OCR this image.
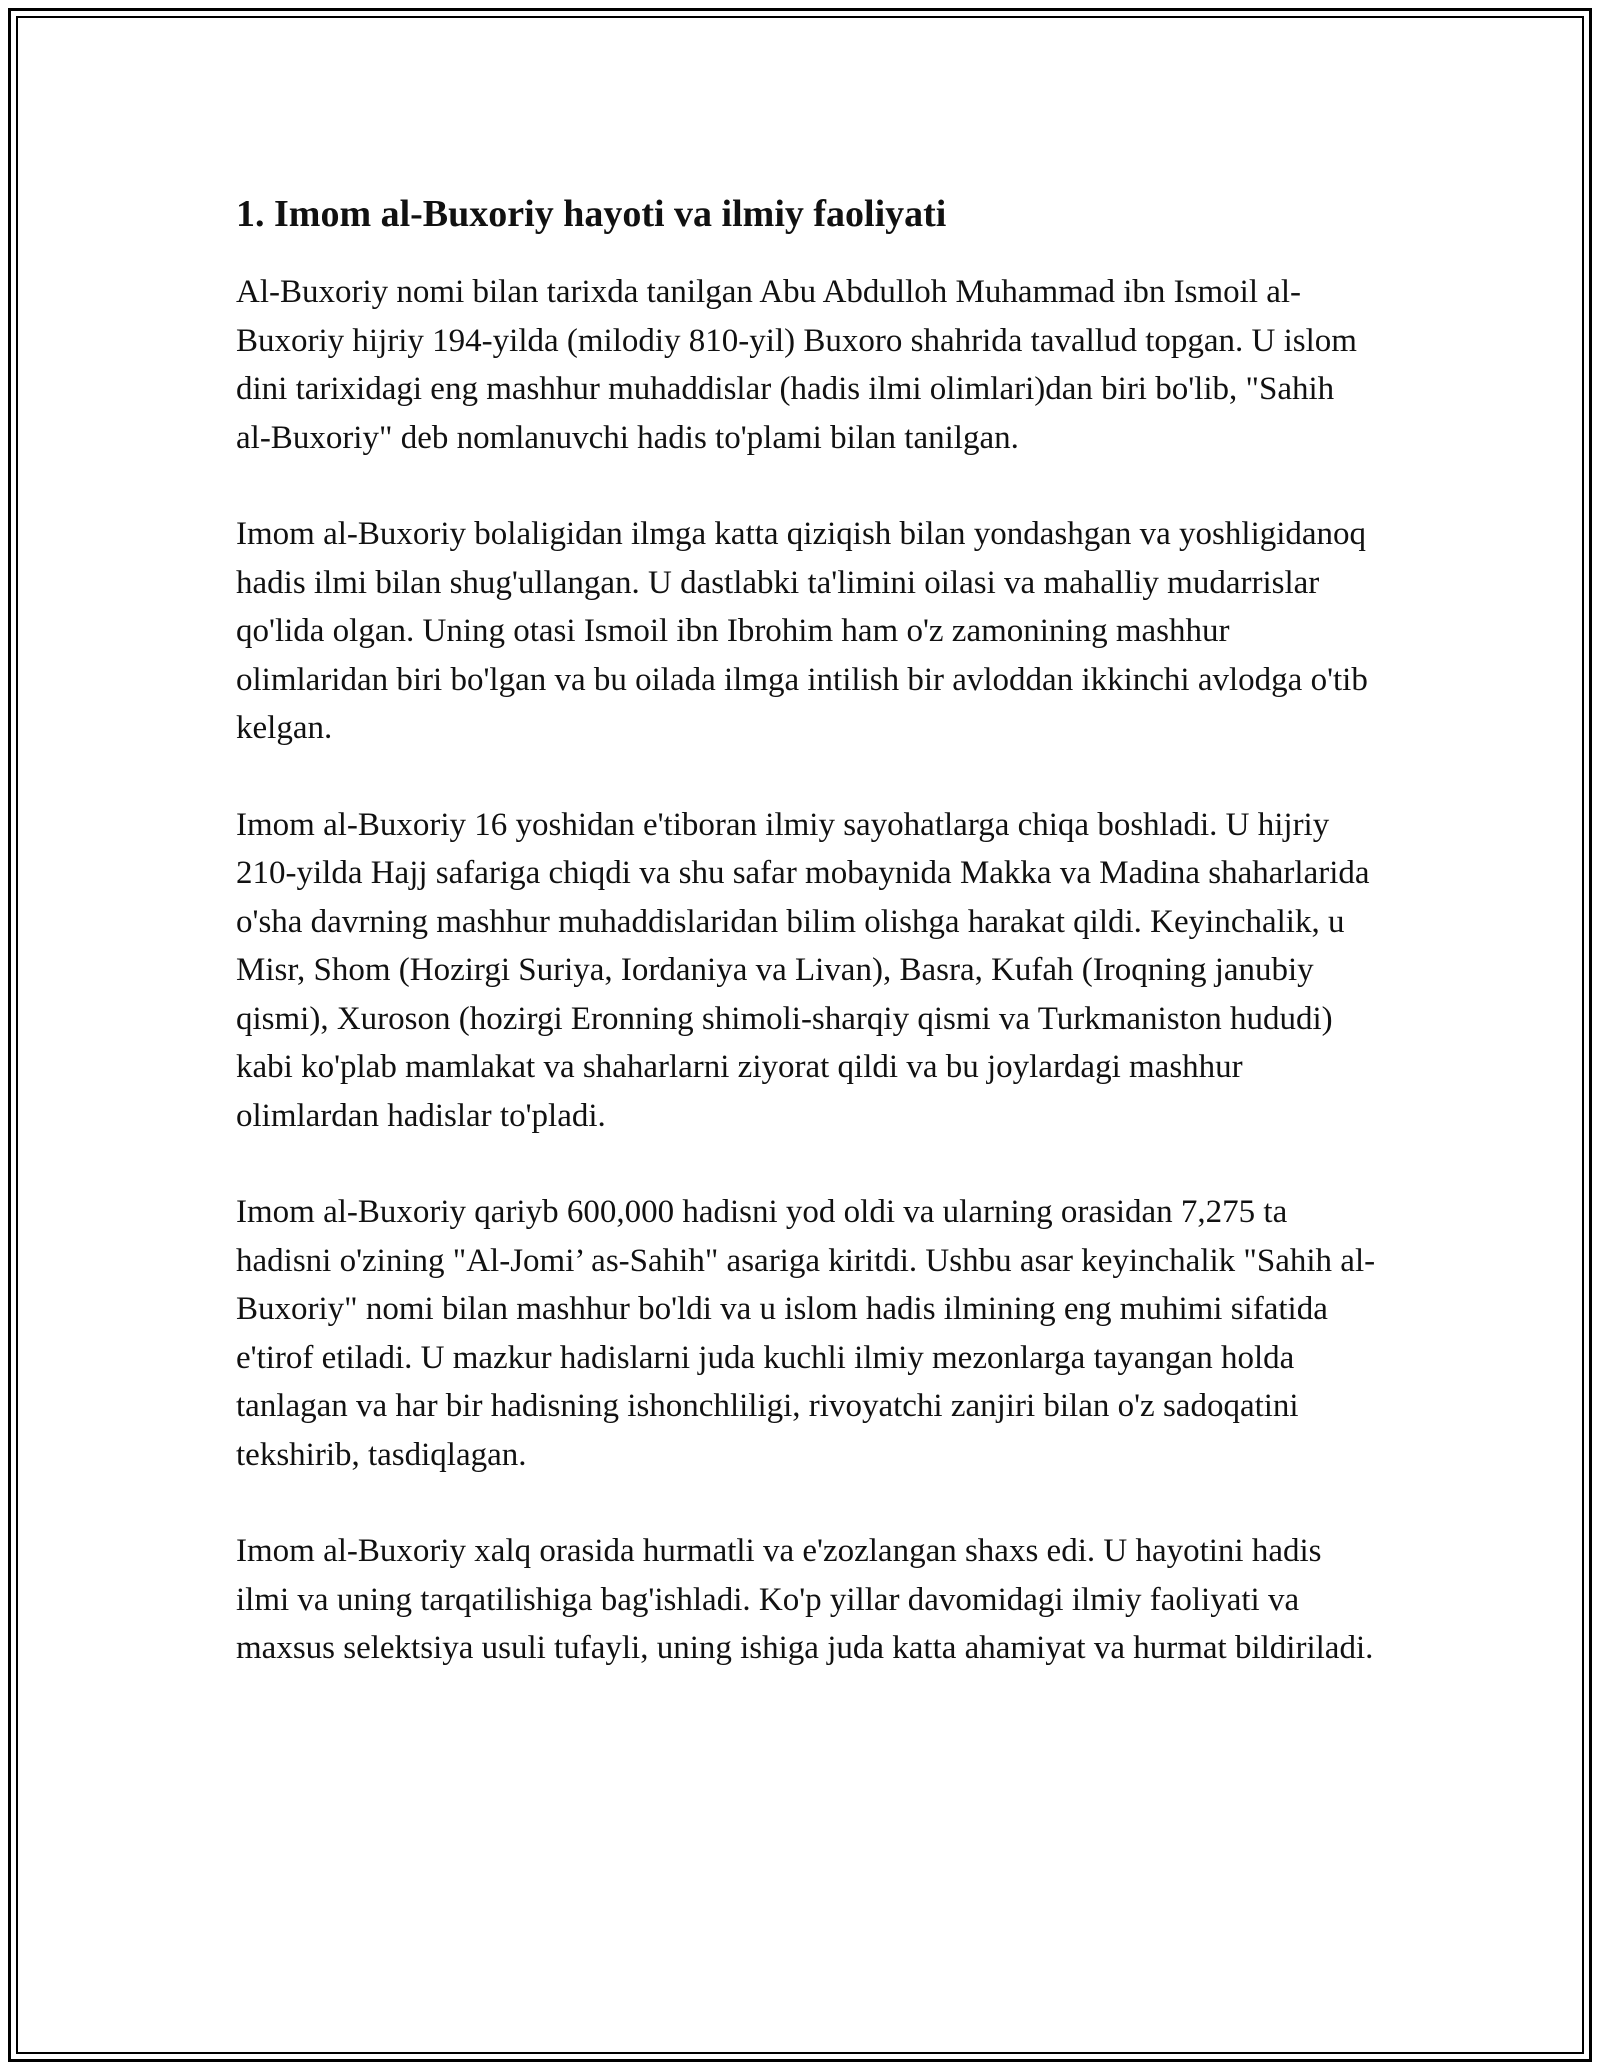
1. Imom al-Buxoriy hayoti va ilmiy faoliyati

Al-Buxoriy nomi bilan tarixda tanilgan Abu Abdulloh Muhammad ibn Ismoil al-Buxoriy hijriy 194-yilda (milodiy 810-yil) Buxoro shahrida tavallud topgan. U islom dini tarixidagi eng mashhur muhaddislar (hadis ilmi olimlari)dan biri bo'lib, "Sahih al-Buxoriy" deb nomlanuvchi hadis to'plami bilan tanilgan.

Imom al-Buxoriy bolaligidan ilmga katta qiziqish bilan yondashgan va yoshligidanoq hadis ilmi bilan shug'ullangan. U dastlabki ta'limini oilasi va mahalliy mudarrislar qo'lida olgan. Uning otasi Ismoil ibn Ibrohim ham o'z zamonining mashhur olimlaridan biri bo'lgan va bu oilada ilmga intilish bir avloddan ikkinchi avlodga o'tib kelgan.

Imom al-Buxoriy 16 yoshidan e'tiboran ilmiy sayohatlarga chiqa boshladi. U hijriy 210-yilda Hajj safariga chiqdi va shu safar mobaynida Makka va Madina shaharlarida o'sha davrning mashhur muhaddislaridan bilim olishga harakat qildi. Keyinchalik, u Misr, Shom (Hozirgi Suriya, Iordaniya va Livan), Basra, Kufah (Iroqning janubiy qismi), Xuroson (hozirgi Eronning shimoli-sharqiy qismi va Turkmaniston hududi) kabi ko'plab mamlakat va shaharlarni ziyorat qildi va bu joylardagi mashhur olimlardan hadislar to'pladi.

Imom al-Buxoriy qariyb 600,000 hadisni yod oldi va ularning orasidan 7,275 ta hadisni o'zining "Al-Jomi’ as-Sahih" asariga kiritdi. Ushbu asar keyinchalik "Sahih al-Buxoriy" nomi bilan mashhur bo'ldi va u islom hadis ilmining eng muhimi sifatida e'tirof etiladi. U mazkur hadislarni juda kuchli ilmiy mezonlarga tayangan holda tanlagan va har bir hadisning ishonchliligi, rivoyatchi zanjiri bilan o'z sadoqatini tekshirib, tasdiqlagan.

Imom al-Buxoriy xalq orasida hurmatli va e'zozlangan shaxs edi. U hayotini hadis ilmi va uning tarqatilishiga bag'ishladi. Ko'p yillar davomidagi ilmiy faoliyati va maxsus selektsiya usuli tufayli, uning ishiga juda katta ahamiyat va hurmat bildiriladi.
